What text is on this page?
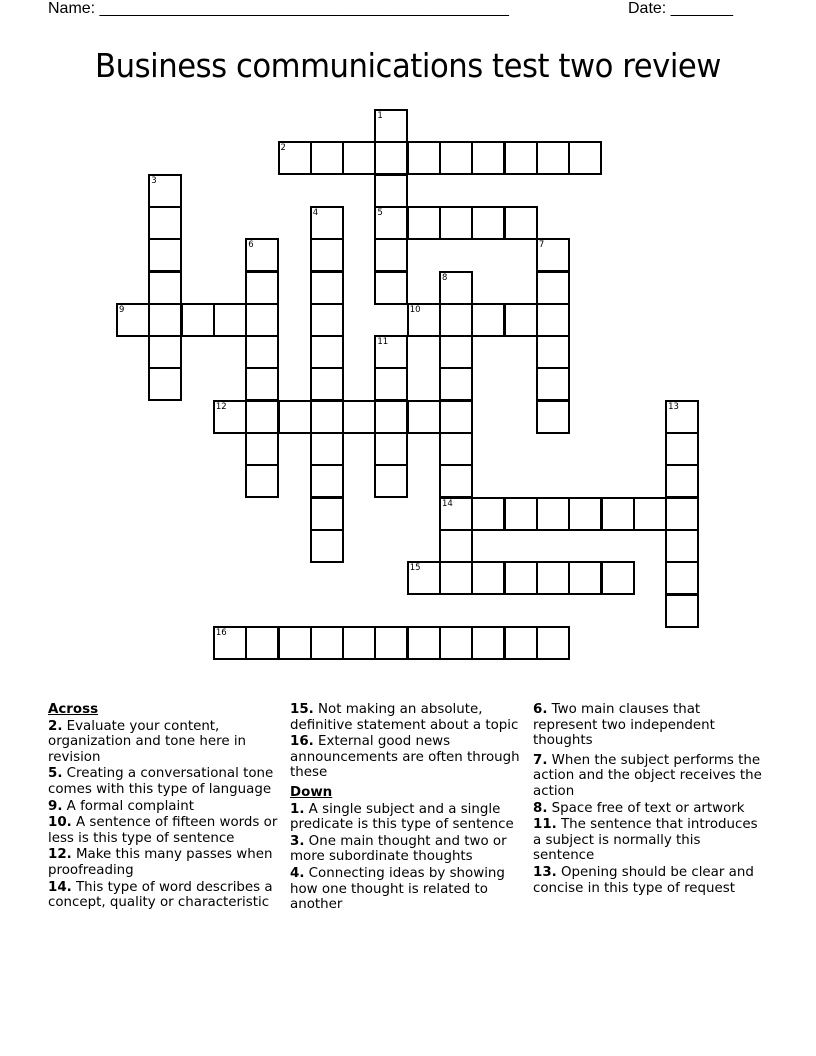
Name: ______________________________________________	Date: _______
Business communications test two review
1
5
2
3
4
6	7
8
14
9	10
11
12	13
15
16
Across
2. Evaluate your content, organization and tone here in revision
5. Creating a conversational tone comes with this type of language
9. A formal complaint
10. A sentence of fifteen words or less is this type of sentence
12. Make this many passes when proofreading
14. This type of word describes a concept, quality or characteristic
15. Not making an absolute, definitive statement about a topic
16. External good news announcements are often through these
Down
1. A single subject and a single predicate is this type of sentence
3. One main thought and two or more subordinate thoughts
4. Connecting ideas by showing how one thought is related to another
6. Two main clauses that represent two independent thoughts
7. When the subject performs the action and the object receives the action
8. Space free of text or artwork
11. The sentence that introduces a subject is normally this sentence
13. Opening should be clear and concise in this type of request
